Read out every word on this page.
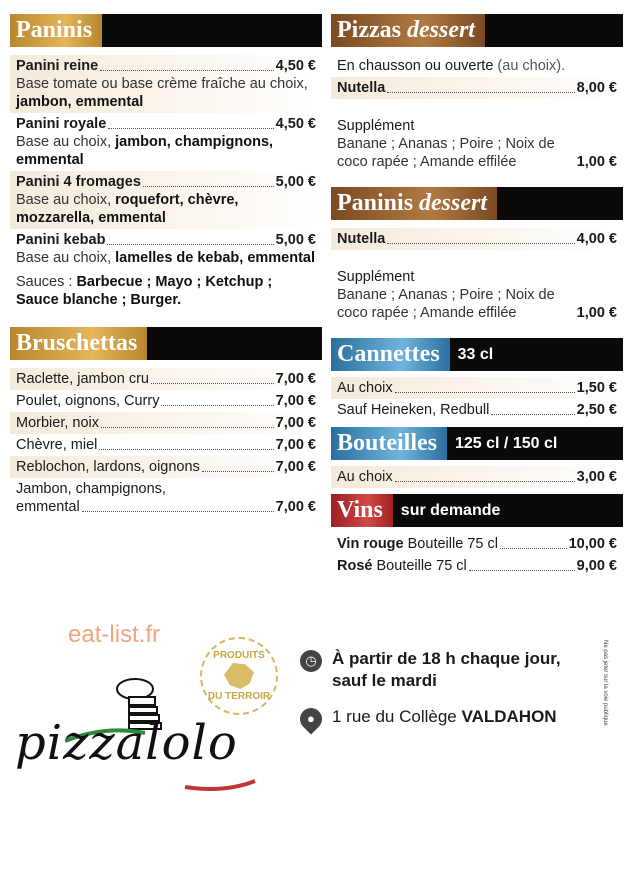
Paninis
Panini reine	4,50 €
Base tomate ou base crème fraîche au choix, jambon, emmental
Panini royale	4,50 €
Base au choix, jambon, champignons, emmental
Panini 4 fromages	5,00 €
Base au choix, roquefort, chèvre, mozzarella, emmental
Panini kebab	5,00 €
Base au choix, lamelles de kebab, emmental
Sauces : Barbecue ; Mayo ; Ketchup ; Sauce blanche ; Burger.
Bruschettas
Raclette, jambon cru	7,00 €
Poulet, oignons, Curry	7,00 €
Morbier, noix	7,00 €
Chèvre, miel	7,00 €
Reblochon, lardons, oignons	7,00 €
Jambon, champignons,
emmental	7,00 €
Pizzas dessert
En chausson ou ouverte (au choix).
Nutella	8,00 €
Supplément
Banane ; Ananas ; Poire ; Noix de coco rapée ; Amande effilée	1,00 €
Paninis dessert
Nutella	4,00 €
Supplément
Banane ; Ananas ; Poire ; Noix de coco rapée ; Amande effilée	1,00 €
Cannettes 33 cl
Au choix	1,50 €
Sauf Heineken, Redbull	2,50 €
Bouteilles 125 cl / 150 cl
Au choix	3,00 €
Vins sur demande
Vin rouge Bouteille 75 cl	10,00 €
Rosé Bouteille 75 cl	9,00 €
eat-list.fr
PRODUITS
DU TERROIR
pizzalolo
◷ À partir de 18 h chaque jour,
sauf le mardi
● 1 rue du Collège VALDAHON	Ne pas jeter sur la voie publique
